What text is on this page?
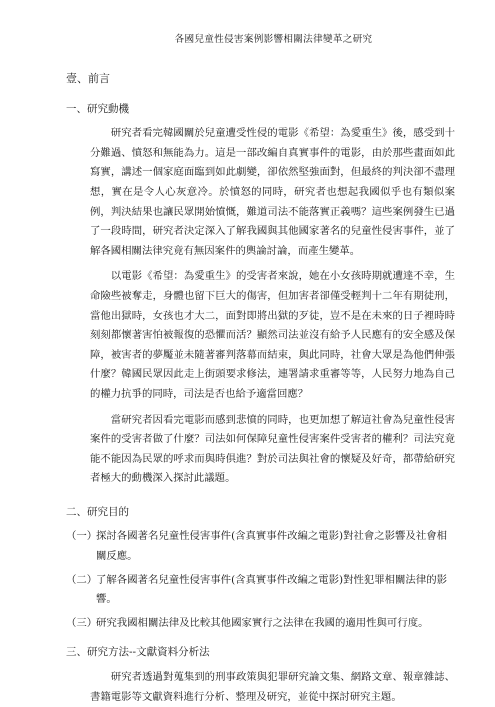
各國兒童性侵害案例影響相關法律變革之研究
壹、前言
一、研究動機

研究者看完韓國關於兒童遭受性侵的電影《希望：為愛重生》後，感受到十分難過、憤怒和無能為力。這是一部改編自真實事件的電影，由於那些畫面如此寫實，講述一個家庭面臨到如此劇變，卻依然堅強面對，但最終的判決卻不盡理想，實在是令人心灰意冷。於憤怒的同時，研究者也想起我國似乎也有類似案例，判決結果也讓民眾開始憤慨，難道司法不能落實正義嗎？這些案例發生已過了一段時間，研究者決定深入了解我國與其他國家著名的兒童性侵害事件，並了解各國相關法律究竟有無因案件的輿論討論，而產生變革。

以電影《希望：為愛重生》的受害者來說，她在小女孩時期就遭達不幸，生命險些被奪走，身體也留下巨大的傷害，但加害者卻僅受輕判十二年有期徒刑，當他出獄時，女孩也才大二，面對即將出獄的歹徒，豈不是在未來的日子裡時時刻刻都懷著害怕被報復的恐懼而活？顯然司法並沒有給予人民應有的安全感及保障，被害者的夢魘並未隨著審判落幕而結束，與此同時，社會大眾是為他們伸張什麼？韓國民眾因此走上街頭要求修法，連署請求重審等等，人民努力地為自己的權力抗爭的同時，司法是否也給予適當回應？

當研究者因看完電影而感到悲憤的同時，也更加想了解這社會為兒童性侵害案件的受害者做了什麼？司法如何保障兒童性侵害案件受害者的權利？司法究竟能不能因為民眾的呼求而與時俱進？對於司法與社會的懷疑及好奇，都帶給研究者極大的動機深入探討此議題。

二、研究目的
（一）探討各國著名兒童性侵害事件(含真實事件改編之電影)對社會之影響及社會相關反應。
（二）了解各國著名兒童性侵害事件(含真實事件改編之電影)對性犯罪相關法律的影響。
（三）研究我國相關法律及比較其他國家實行之法律在我國的適用性與可行度。
三、研究方法--文獻資料分析法

研究者透過對蒐集到的刑事政策與犯罪研究論文集、網路文章、報章雜誌、書籍電影等文獻資料進行分析、整理及研究，並從中探討研究主題。
